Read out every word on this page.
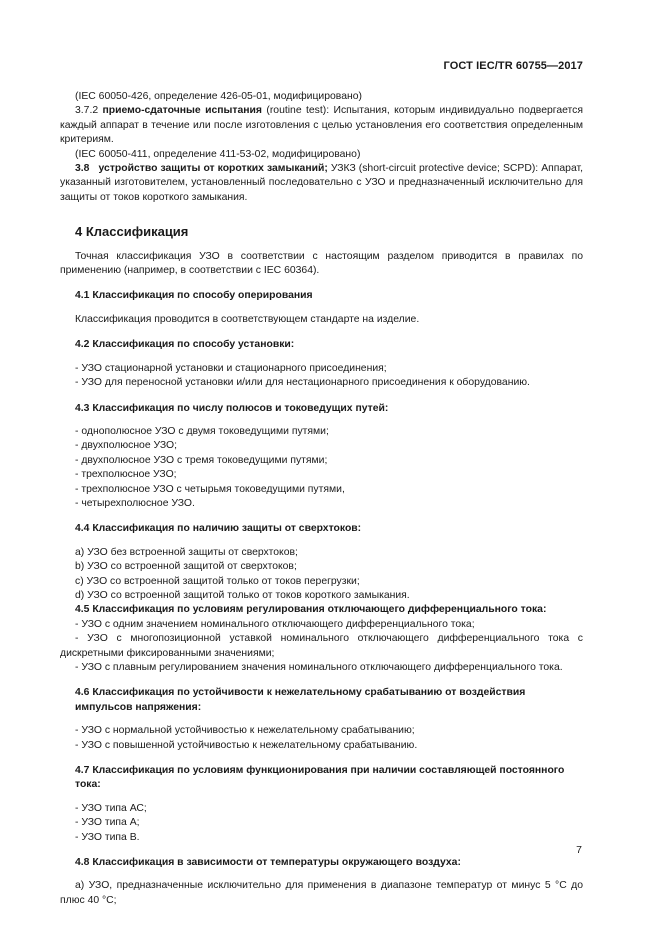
ГОСТ IEC/TR 60755—2017

(IEC 60050-426, определение 426-05-01, модифицировано)

3.7.2 приемо-сдаточные испытания (routine test): Испытания, которым индивидуально подвергается каждый аппарат в течение или после изготовления с целью установления его соответствия определенным критериям.

(IEC 60050-411, определение 411-53-02, модифицировано)

3.8 устройство защиты от коротких замыканий; УЗКЗ (short-circuit protective device; SCPD): Аппарат, указанный изготовителем, установленный последовательно с УЗО и предназначенный исключительно для защиты от токов короткого замыкания.

4 Классификация

Точная классификация УЗО в соответствии с настоящим разделом приводится в правилах по применению (например, в соответствии с IEC 60364).

4.1 Классификация по способу оперирования

Классификация проводится в соответствующем стандарте на изделие.

4.2 Классификация по способу установки:

- УЗО стационарной установки и стационарного присоединения;

- УЗО для переносной установки и/или для нестационарного присоединения к оборудованию.

4.3 Классификация по числу полюсов и токоведущих путей:

- однополюсное УЗО с двумя токоведущими путями;

- двухполюсное УЗО;

- двухполюсное УЗО с тремя токоведущими путями;

- трехполюсное УЗО;

- трехполюсное УЗО с четырьмя токоведущими путями,

- четырехполюсное УЗО.

4.4 Классификация по наличию защиты от сверхтоков:

a) УЗО без встроенной защиты от сверхтоков;

b) УЗО со встроенной защитой от сверхтоков;

c) УЗО со встроенной защитой только от токов перегрузки;

d) УЗО со встроенной защитой только от токов короткого замыкания.

4.5 Классификация по условиям регулирования отключающего дифференциального тока:

- УЗО с одним значением номинального отключающего дифференциального тока;

- УЗО с многопозиционной уставкой номинального отключающего дифференциального тока с дискретными фиксированными значениями;

- УЗО с плавным регулированием значения номинального отключающего дифференциального тока.

4.6 Классификация по устойчивости к нежелательному срабатыванию от воздействия импульсов напряжения:

- УЗО с нормальной устойчивостью к нежелательному срабатыванию;

- УЗО с повышенной устойчивостью к нежелательному срабатыванию.

4.7 Классификация по условиям функционирования при наличии составляющей постоянного тока:

- УЗО типа АС;

- УЗО типа А;

- УЗО типа В.

4.8 Классификация в зависимости от температуры окружающего воздуха:

а) УЗО, предназначенные исключительно для применения в диапазоне температур от минус 5 °С до плюс 40 °С;

7
